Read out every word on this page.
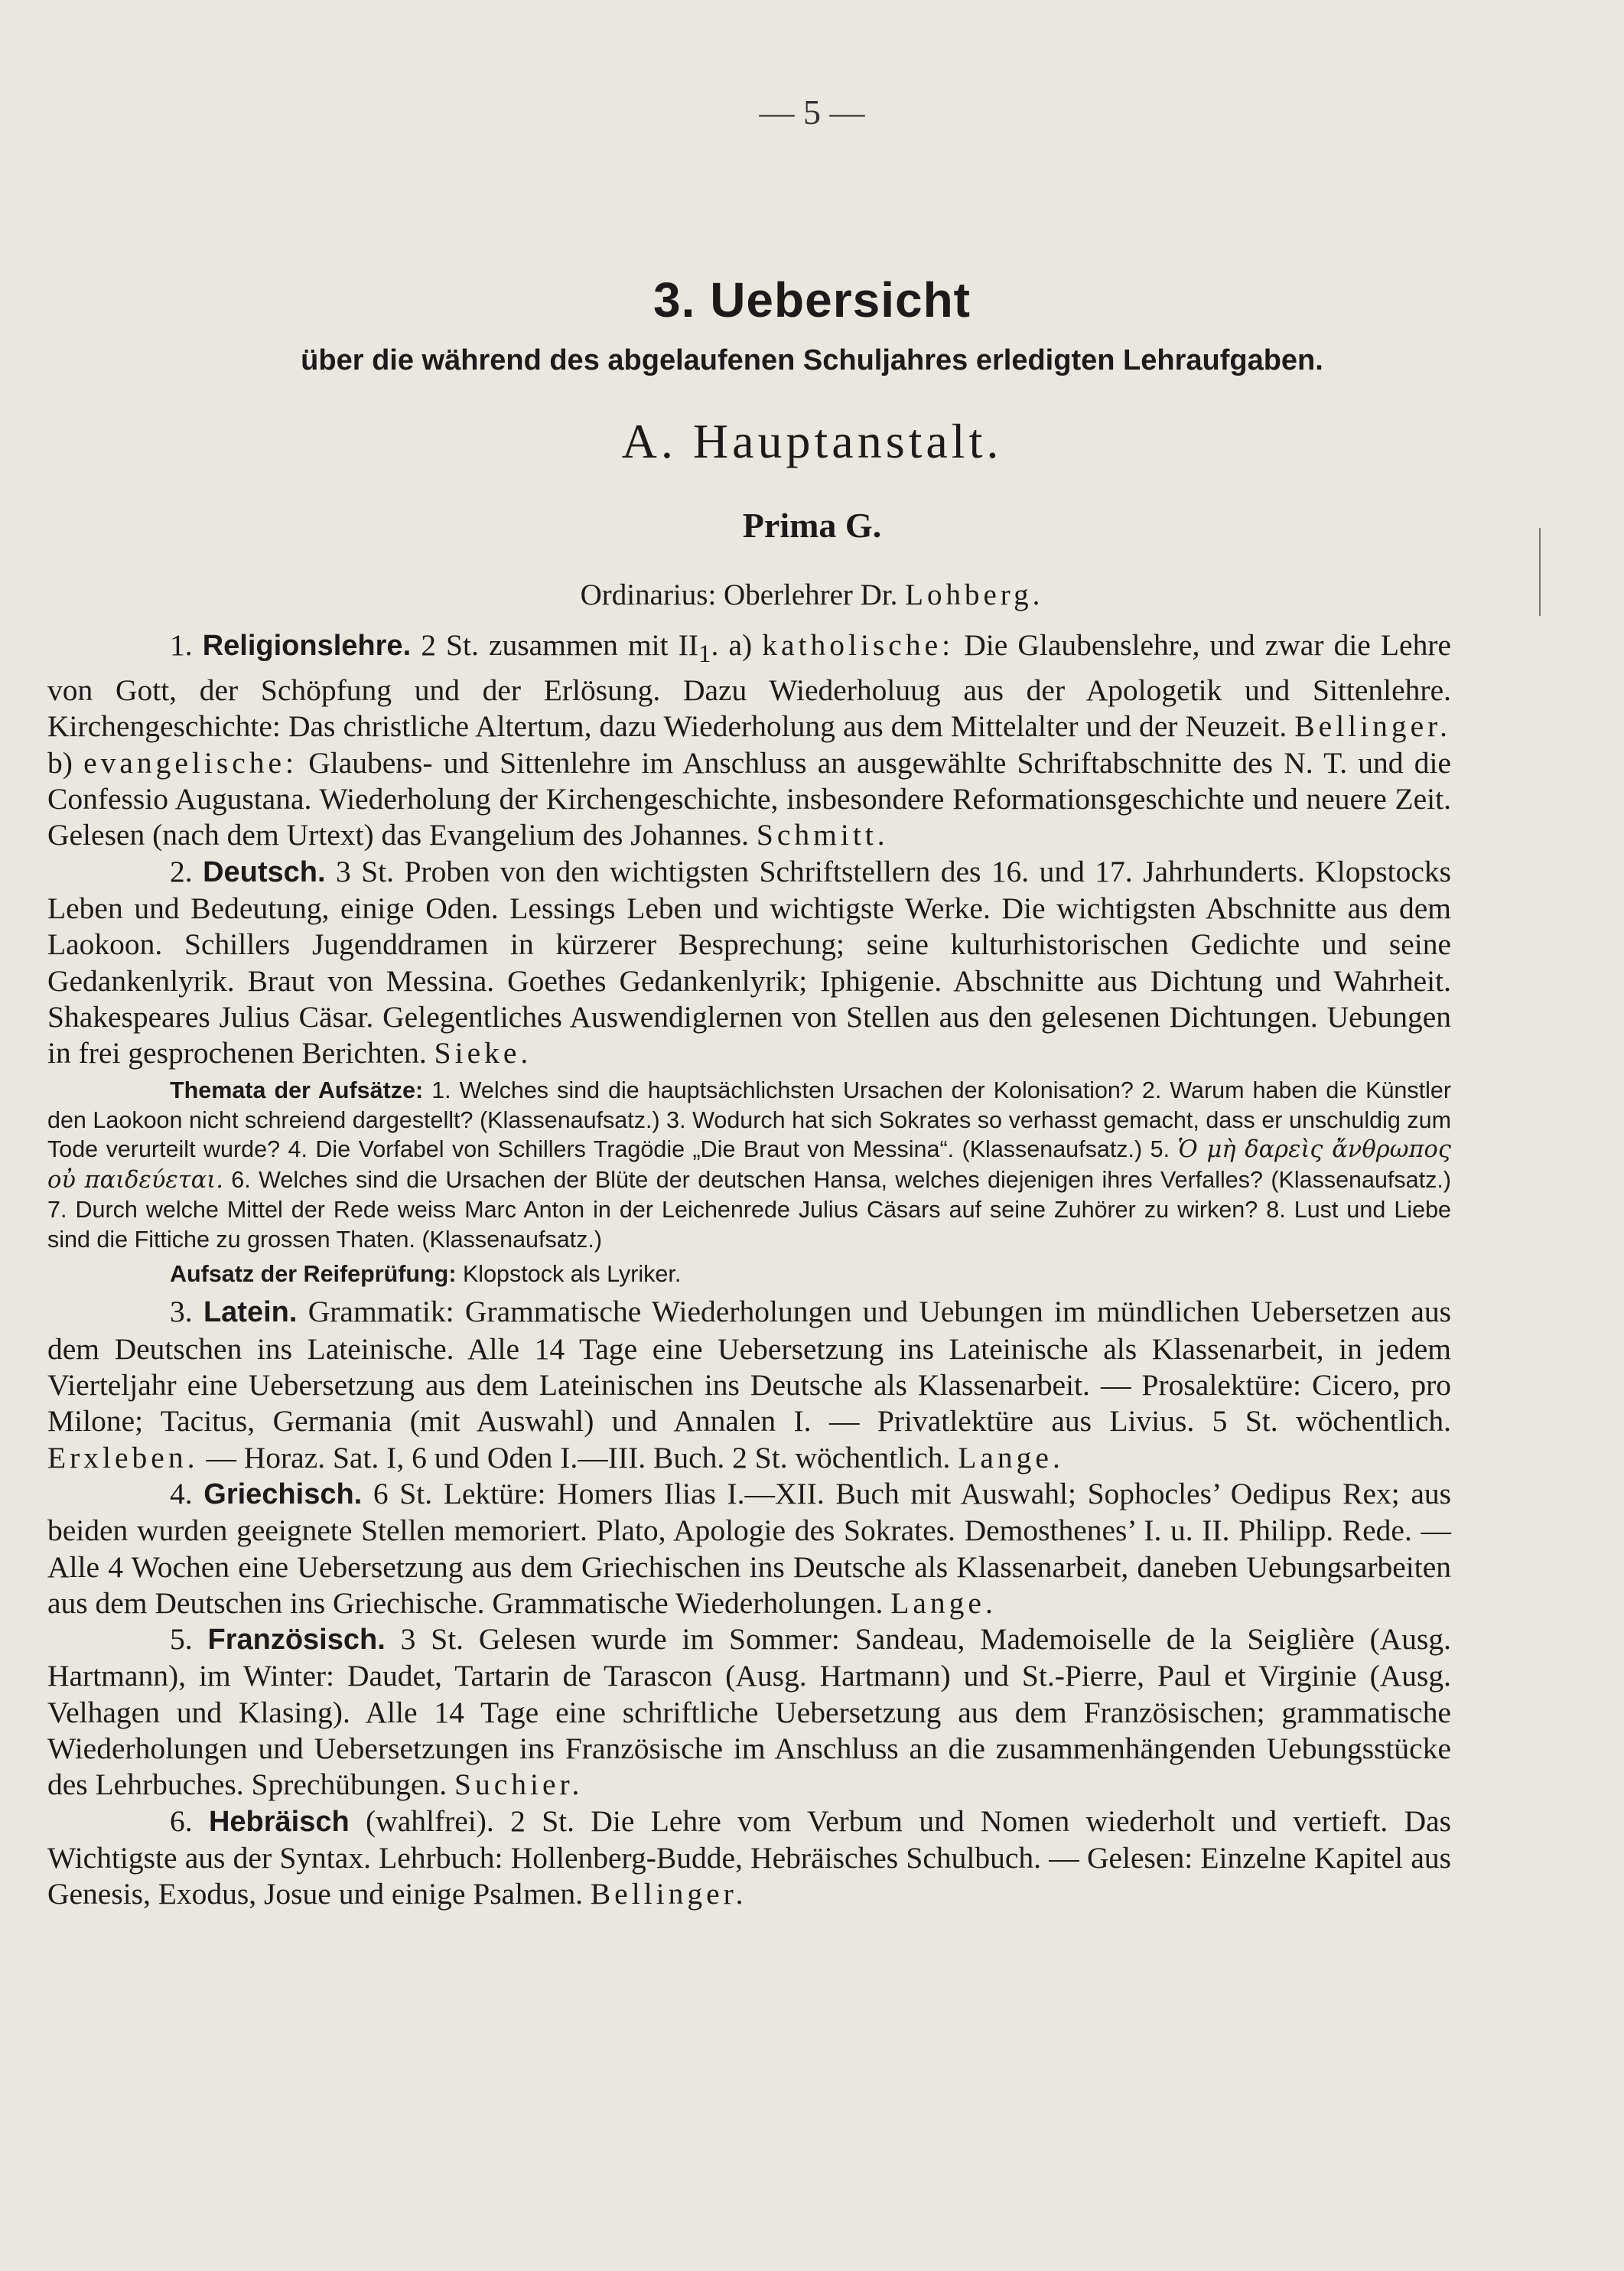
— 5 —
3. Uebersicht
über die während des abgelaufenen Schuljahres erledigten Lehraufgaben.
A. Hauptanstalt.
Prima G.
Ordinarius: Oberlehrer Dr. Lohberg.

1. Religionslehre. 2 St. zusammen mit $II_1$. a) katholische: Die Glaubenslehre, und zwar die Lehre von Gott, der Schöpfung und der Erlösung. Dazu Wiederholuug aus der Apologetik und Sittenlehre. Kirchengeschichte: Das christliche Altertum, dazu Wiederholung aus dem Mittelalter und der Neuzeit. Bellinger. b) evangelische: Glaubens- und Sittenlehre im Anschluss an ausgewählte Schriftabschnitte des N. T. und die Confessio Augustana. Wiederholung der Kirchengeschichte, insbesondere Reformationsgeschichte und neuere Zeit. Gelesen (nach dem Urtext) das Evangelium des Johannes. Schmitt.

2. Deutsch. 3 St. Proben von den wichtigsten Schriftstellern des 16. und 17. Jahrhunderts. Klopstocks Leben und Bedeutung, einige Oden. Lessings Leben und wichtigste Werke. Die wichtigsten Abschnitte aus dem Laokoon. Schillers Jugenddramen in kürzerer Besprechung; seine kulturhistorischen Gedichte und seine Gedankenlyrik. Braut von Messina. Goethes Gedankenlyrik; Iphigenie. Abschnitte aus Dichtung und Wahrheit. Shakespeares Julius Cäsar. Gelegentliches Auswendiglernen von Stellen aus den gelesenen Dichtungen. Uebungen in frei gesprochenen Berichten. Sieke.

Themata der Aufsätze: 1. Welches sind die hauptsächlichsten Ursachen der Kolonisation? 2. Warum haben die Künstler den Laokoon nicht schreiend dargestellt? (Klassenaufsatz.) 3. Wodurch hat sich Sokrates so verhasst gemacht, dass er unschuldig zum Tode verurteilt wurde? 4. Die Vorfabel von Schillers Tragödie „Die Braut von Messina“. (Klassenaufsatz.) 5. Ὁ μὴ δαρεὶς ἄνθρωπος οὐ παιδεύεται. 6. Welches sind die Ursachen der Blüte der deutschen Hansa, welches diejenigen ihres Verfalles? (Klassenaufsatz.) 7. Durch welche Mittel der Rede weiss Marc Anton in der Leichenrede Julius Cäsars auf seine Zuhörer zu wirken? 8. Lust und Liebe sind die Fittiche zu grossen Thaten. (Klassenaufsatz.)
Aufsatz der Reifeprüfung: Klopstock als Lyriker.

3. Latein. Grammatik: Grammatische Wiederholungen und Uebungen im mündlichen Uebersetzen aus dem Deutschen ins Lateinische. Alle 14 Tage eine Uebersetzung ins Lateinische als Klassenarbeit, in jedem Vierteljahr eine Uebersetzung aus dem Lateinischen ins Deutsche als Klassenarbeit. — Prosalektüre: Cicero, pro Milone; Tacitus, Germania (mit Auswahl) und Annalen I. — Privatlektüre aus Livius. 5 St. wöchentlich. Erxleben. — Horaz. Sat. I, 6 und Oden I.—III. Buch. 2 St. wöchentlich. Lange.

4. Griechisch. 6 St. Lektüre: Homers Ilias I.—XII. Buch mit Auswahl; Sophocles’ Oedipus Rex; aus beiden wurden geeignete Stellen memoriert. Plato, Apologie des Sokrates. Demosthenes’ I. u. II. Philipp. Rede. — Alle 4 Wochen eine Uebersetzung aus dem Griechischen ins Deutsche als Klassenarbeit, daneben Uebungsarbeiten aus dem Deutschen ins Griechische. Grammatische Wiederholungen. Lange.

5. Französisch. 3 St. Gelesen wurde im Sommer: Sandeau, Mademoiselle de la Seiglière (Ausg. Hartmann), im Winter: Daudet, Tartarin de Tarascon (Ausg. Hartmann) und St.-Pierre, Paul et Virginie (Ausg. Velhagen und Klasing). Alle 14 Tage eine schriftliche Uebersetzung aus dem Französischen; grammatische Wiederholungen und Uebersetzungen ins Französische im Anschluss an die zusammenhängenden Uebungsstücke des Lehrbuches. Sprechübungen. Suchier.

6. Hebräisch (wahlfrei). 2 St. Die Lehre vom Verbum und Nomen wiederholt und vertieft. Das Wichtigste aus der Syntax. Lehrbuch: Hollenberg-Budde, Hebräisches Schulbuch. — Gelesen: Einzelne Kapitel aus Genesis, Exodus, Josue und einige Psalmen. Bellinger.
